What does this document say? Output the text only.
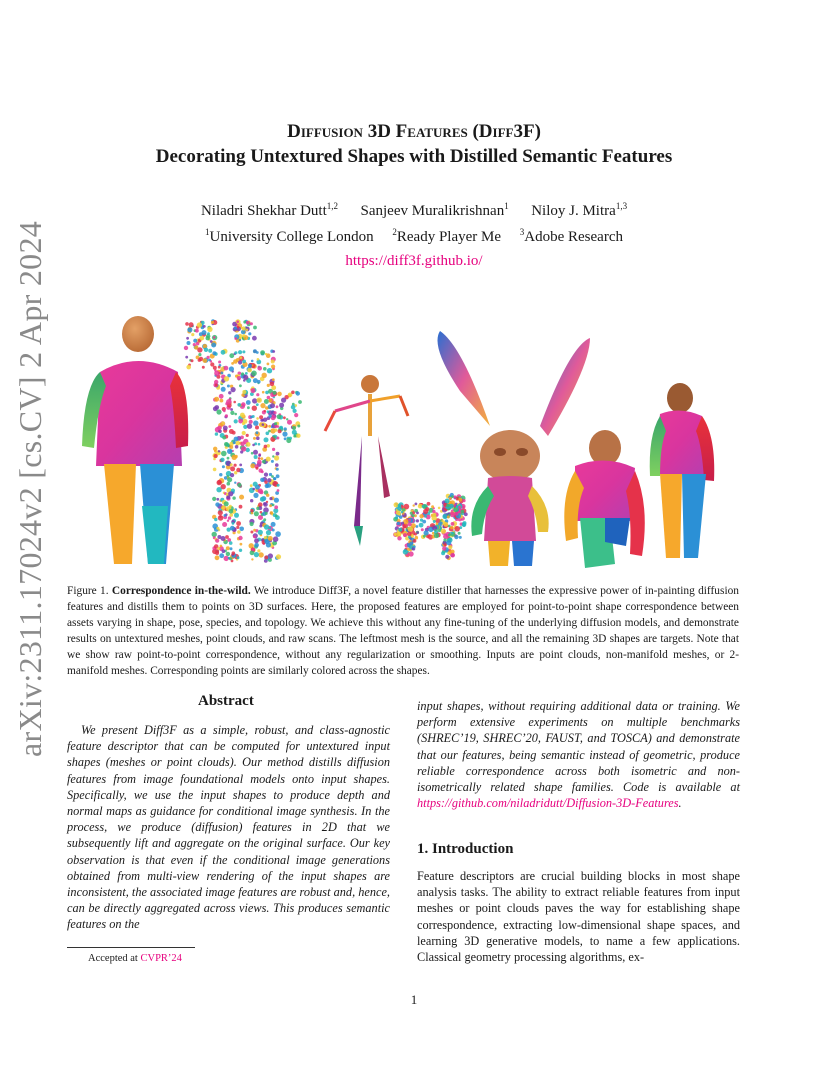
arXiv:2311.17024v2 [cs.CV] 2 Apr 2024
Diffusion 3D Features (Diff3F)
Decorating Untextured Shapes with Distilled Semantic Features
Niladri Shekhar Dutt$^{1,2}$ Sanjeev Muralikrishnan$^1$ Niloy J. Mitra$^{1,3}$
$^1$University College London $^2$Ready Player Me $^3$Adobe Research
https://diff3f.github.io/
Figure 1. Correspondence in-the-wild. We introduce Diff3F, a novel feature distiller that harnesses the expressive power of in-painting diffusion features and distills them to points on 3D surfaces. Here, the proposed features are employed for point-to-point shape correspondence between assets varying in shape, pose, species, and topology. We achieve this without any fine-tuning of the underlying diffusion models, and demonstrate results on untextured meshes, point clouds, and raw scans. The leftmost mesh is the source, and all the remaining 3D shapes are targets. Note that we show raw point-to-point correspondence, without any regularization or smoothing. Inputs are point clouds, non-manifold meshes, or 2-manifold meshes. Corresponding points are similarly colored across the shapes.
Abstract
We present Diff3F as a simple, robust, and class-agnostic feature descriptor that can be computed for untextured input shapes (meshes or point clouds). Our method distills diffusion features from image foundational models onto input shapes. Specifically, we use the input shapes to produce depth and normal maps as guidance for conditional image synthesis. In the process, we produce (diffusion) features in 2D that we subsequently lift and aggregate on the original surface. Our key observation is that even if the conditional image generations obtained from multi-view rendering of the input shapes are inconsistent, the associated image features are robust and, hence, can be directly aggregated across views. This produces semantic features on the
input shapes, without requiring additional data or training. We perform extensive experiments on multiple benchmarks (SHREC’19, SHREC’20, FAUST, and TOSCA) and demonstrate that our features, being semantic instead of geometric, produce reliable correspondence across both isometric and non-isometrically related shape families. Code is available at https://github.com/niladridutt/Diffusion-3D-Features.
1. Introduction
Feature descriptors are crucial building blocks in most shape analysis tasks. The ability to extract reliable features from input meshes or point clouds paves the way for establishing shape correspondence, extracting low-dimensional shape spaces, and learning 3D generative models, to name a few applications. Classical geometry processing algorithms, ex-
Accepted at CVPR’24
1
